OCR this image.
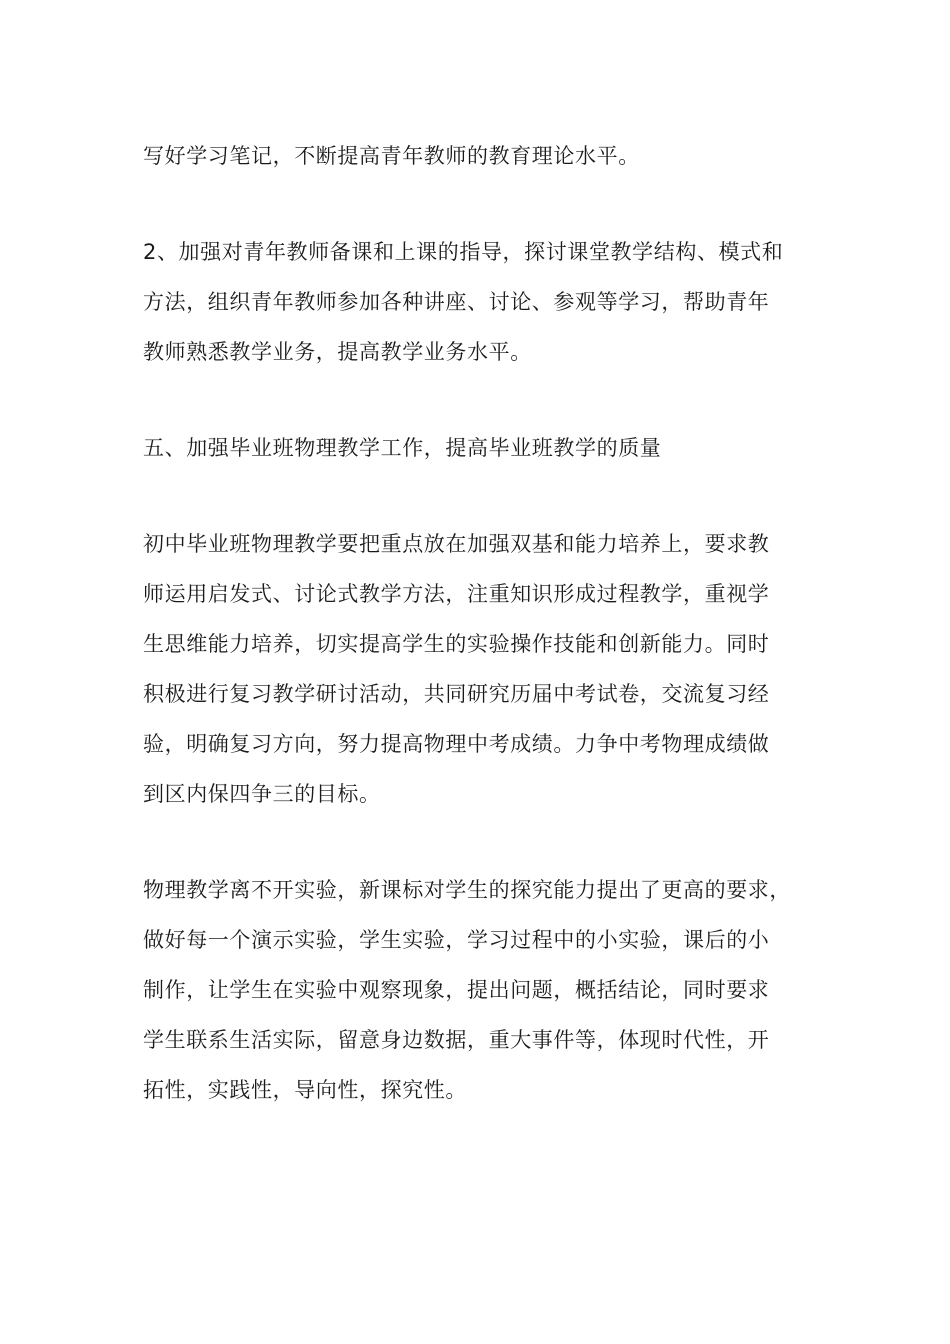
写好学习笔记，不断提高青年教师的教育理论水平。

2、加强对青年教师备课和上课的指导，探讨课堂教学结构、模式和
方法，组织青年教师参加各种讲座、讨论、参观等学习，帮助青年
教师熟悉教学业务，提高教学业务水平。

五、加强毕业班物理教学工作，提高毕业班教学的质量

初中毕业班物理教学要把重点放在加强双基和能力培养上，要求教
师运用启发式、讨论式教学方法，注重知识形成过程教学，重视学
生思维能力培养，切实提高学生的实验操作技能和创新能力。同时
积极进行复习教学研讨活动，共同研究历届中考试卷，交流复习经
验，明确复习方向，努力提高物理中考成绩。力争中考物理成绩做
到区内保四争三的目标。

物理教学离不开实验，新课标对学生的探究能力提出了更高的要求，
做好每一个演示实验，学生实验，学习过程中的小实验，课后的小
制作，让学生在实验中观察现象，提出问题，概括结论，同时要求
学生联系生活实际，留意身边数据，重大事件等，体现时代性，开
拓性，实践性，导向性，探究性。
